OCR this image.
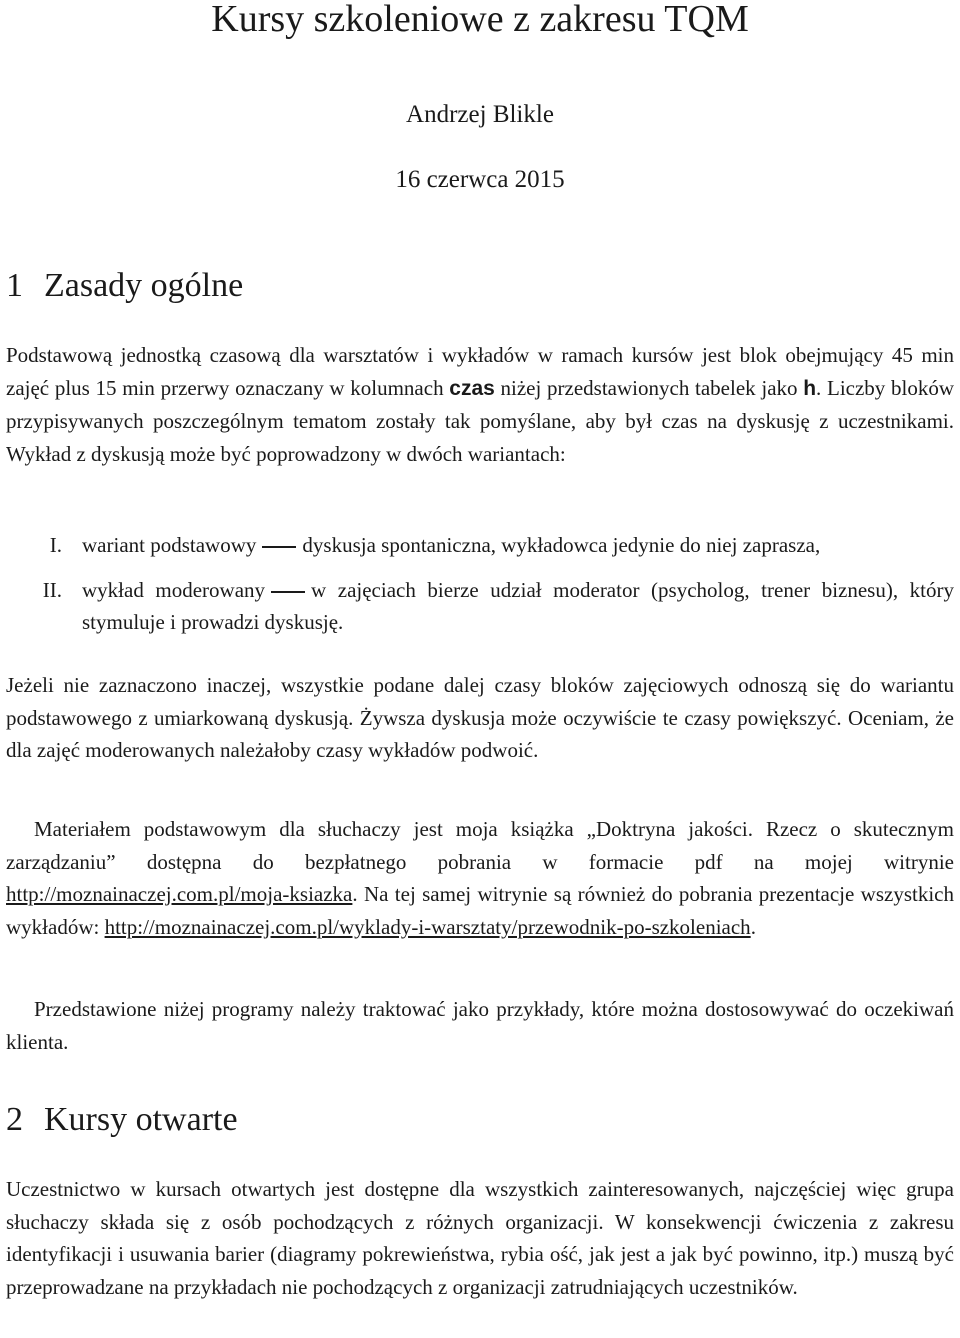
Kursy szkoleniowe z zakresu TQM
Andrzej Blikle
16 czerwca 2015
1 Zasady ogólne

Podstawową jednostką czasową dla warsztatów i wykładów w ramach kursów jest blok obejmujący 45 min zajęć plus 15 min przerwy oznaczany w kolumnach czas niżej przedstawionych tabelek jako h. Liczby bloków przypisywanych poszczególnym tematom zostały tak pomyślane, aby był czas na dyskusję z uczestnikami. Wykład z dyskusją może być poprowadzony w dwóch wariantach:

I. wariant podstawowy dyskusja spontaniczna, wykładowca jedynie do niej zaprasza,
II. wykład moderowany w zajęciach bierze udział moderator (psycholog, trener biznesu), który stymuluje i prowadzi dyskusję.

Jeżeli nie zaznaczono inaczej, wszystkie podane dalej czasy bloków zajęciowych odnoszą się do wariantu podstawowego z umiarkowaną dyskusją. Żywsza dyskusja może oczywiście te czasy powiększyć. Oceniam, że dla zajęć moderowanych należałoby czasy wykładów podwoić.

Materiałem podstawowym dla słuchaczy jest moja książka „Doktryna jakości. Rzecz o skutecznym zarządzaniu” dostępna do bezpłatnego pobrania w formacie pdf na mojej witrynie http://moznainaczej.com.pl/moja-ksiazka. Na tej samej witrynie są również do pobrania prezentacje wszystkich wykładów: http://moznainaczej.com.pl/wyklady-i-warsztaty/przewodnik-po-szkoleniach.

Przedstawione niżej programy należy traktować jako przykłady, które można dostosowywać do oczekiwań klienta.

2 Kursy otwarte

Uczestnictwo w kursach otwartych jest dostępne dla wszystkich zainteresowanych, najczęściej więc grupa słuchaczy składa się z osób pochodzących z różnych organizacji. W konsekwencji ćwiczenia z zakresu identyfikacji i usuwania barier (diagramy pokrewieństwa, rybia ość, jak jest a jak być powinno, itp.) muszą być przeprowadzane na przykładach nie pochodzących z organizacji zatrudniających uczestników.
